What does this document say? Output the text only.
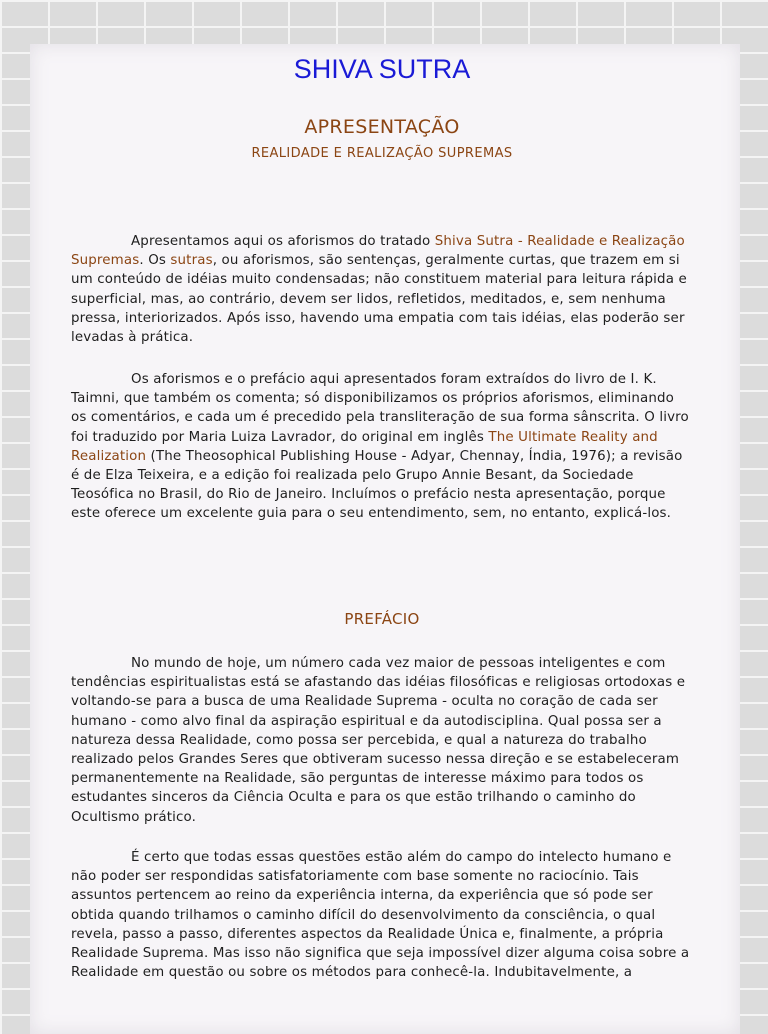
SHIVA SUTRA
APRESENTAÇÃO
REALIDADE E REALIZAÇÃO SUPREMAS

Apresentamos aqui os aforismos do tratado Shiva Sutra - Realidade e Realização Supremas. Os sutras, ou aforismos, são sentenças, geralmente curtas, que trazem em si um conteúdo de idéias muito condensadas; não constituem material para leitura rápida e superficial, mas, ao contrário, devem ser lidos, refletidos, meditados, e, sem nenhuma pressa, interiorizados. Após isso, havendo uma empatia com tais idéias, elas poderão ser levadas à prática.

Os aforismos e o prefácio aqui apresentados foram extraídos do livro de I. K. Taimni, que também os comenta; só disponibilizamos os próprios aforismos, eliminando os comentários, e cada um é precedido pela transliteração de sua forma sânscrita. O livro foi traduzido por Maria Luiza Lavrador, do original em inglês The Ultimate Reality and Realization (The Theosophical Publishing House - Adyar, Chennay, Índia, 1976); a revisão é de Elza Teixeira, e a edição foi realizada pelo Grupo Annie Besant, da Sociedade Teosófica no Brasil, do Rio de Janeiro. Incluímos o prefácio nesta apresentação, porque este oferece um excelente guia para o seu entendimento, sem, no entanto, explicá-los.

PREFÁCIO

No mundo de hoje, um número cada vez maior de pessoas inteligentes e com tendências espiritualistas está se afastando das idéias filosóficas e religiosas ortodoxas e voltando-se para a busca de uma Realidade Suprema - oculta no coração de cada ser humano - como alvo final da aspiração espiritual e da autodisciplina. Qual possa ser a natureza dessa Realidade, como possa ser percebida, e qual a natureza do trabalho realizado pelos Grandes Seres que obtiveram sucesso nessa direção e se estabeleceram permanentemente na Realidade, são perguntas de interesse máximo para todos os estudantes sinceros da Ciência Oculta e para os que estão trilhando o caminho do Ocultismo prático.

É certo que todas essas questões estão além do campo do intelecto humano e não poder ser respondidas satisfatoriamente com base somente no raciocínio. Tais assuntos pertencem ao reino da experiência interna, da experiência que só pode ser obtida quando trilhamos o caminho difícil do desenvolvimento da consciência, o qual revela, passo a passo, diferentes aspectos da Realidade Única e, finalmente, a própria Realidade Suprema. Mas isso não significa que seja impossível dizer alguma coisa sobre a Realidade em questão ou sobre os métodos para conhecê-la. Indubitavelmente, a
